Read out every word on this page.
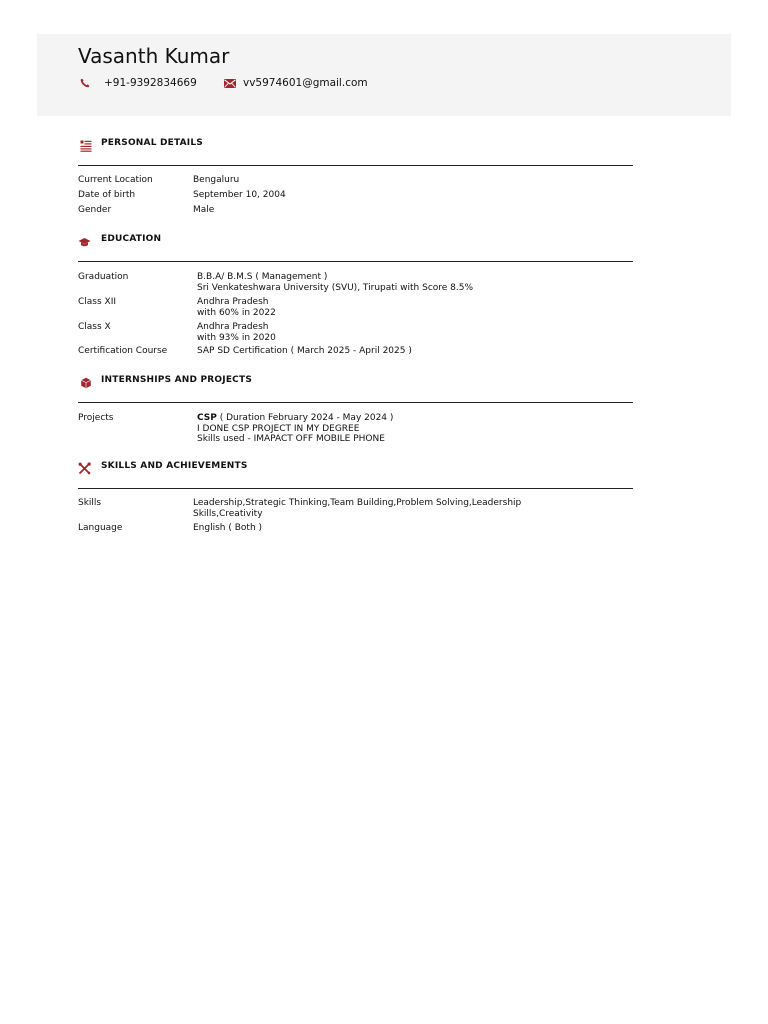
Vasanth Kumar
+91-9392834669	vv5974601@gmail.com
PERSONAL DETAILS
Current Location	Bengaluru
Date of birth	September 10, 2004
Gender	Male
EDUCATION
Graduation	B.B.A/ B.M.S ( Management )
Sri Venkateshwara University (SVU), Tirupati with Score 8.5%
Class XII	Andhra Pradesh
with 60% in 2022
Class X	Andhra Pradesh
with 93% in 2020
Certification Course	SAP SD Certification ( March 2025 - April 2025 )
INTERNSHIPS AND PROJECTS
Projects	CSP ( Duration February 2024 - May 2024 )
I DONE CSP PROJECT IN MY DEGREE
Skills used - IMAPACT OFF MOBILE PHONE
SKILLS AND ACHIEVEMENTS
Skills	Leadership,Strategic Thinking,Team Building,Problem Solving,Leadership
Skills,Creativity
Language	English ( Both )
